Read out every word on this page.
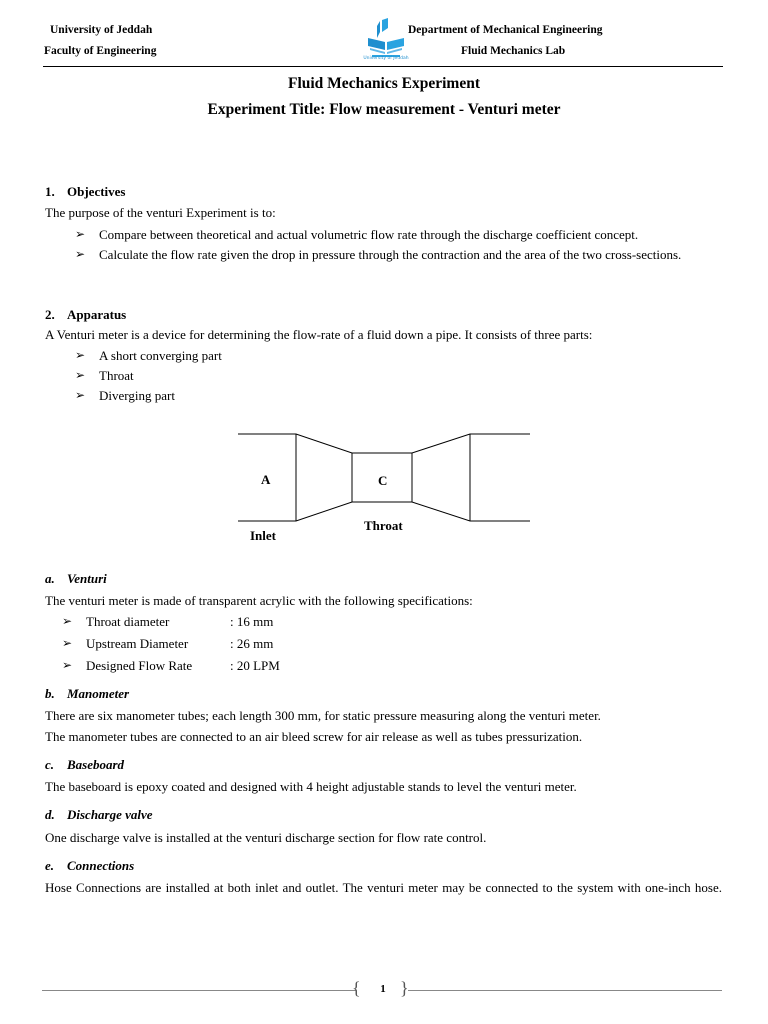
University of Jeddah
Faculty of Engineering
Department of Mechanical Engineering
Fluid Mechanics Lab
University of Jeddah
Fluid Mechanics Experiment
Experiment Title: Flow measurement - Venturi meter
1. Objectives
The purpose of the venturi Experiment is to:
➢ Compare between theoretical and actual volumetric flow rate through the discharge coefficient concept.
➢ Calculate the flow rate given the drop in pressure through the contraction and the area of the two cross-sections.
2. Apparatus
A Venturi meter is a device for determining the flow-rate of a fluid down a pipe. It consists of three parts:
➢ A short converging part
➢ Throat
➢ Diverging part
A	C
Throat
Inlet
a. Venturi
The venturi meter is made of transparent acrylic with the following specifications:
➢ Throat diameter	: 16 mm
➢ Upstream Diameter	: 26 mm
➢ Designed Flow Rate	: 20 LPM
b. Manometer
There are six manometer tubes; each length 300 mm, for static pressure measuring along the venturi meter.
The manometer tubes are connected to an air bleed screw for air release as well as tubes pressurization.
c. Baseboard
The baseboard is epoxy coated and designed with 4 height adjustable stands to level the venturi meter.
d. Discharge valve
One discharge valve is installed at the venturi discharge section for flow rate control.
e. Connections
Hose Connections are installed at both inlet and outlet. The venturi meter may be connected to the system with one-inch hose.
{ }
1
